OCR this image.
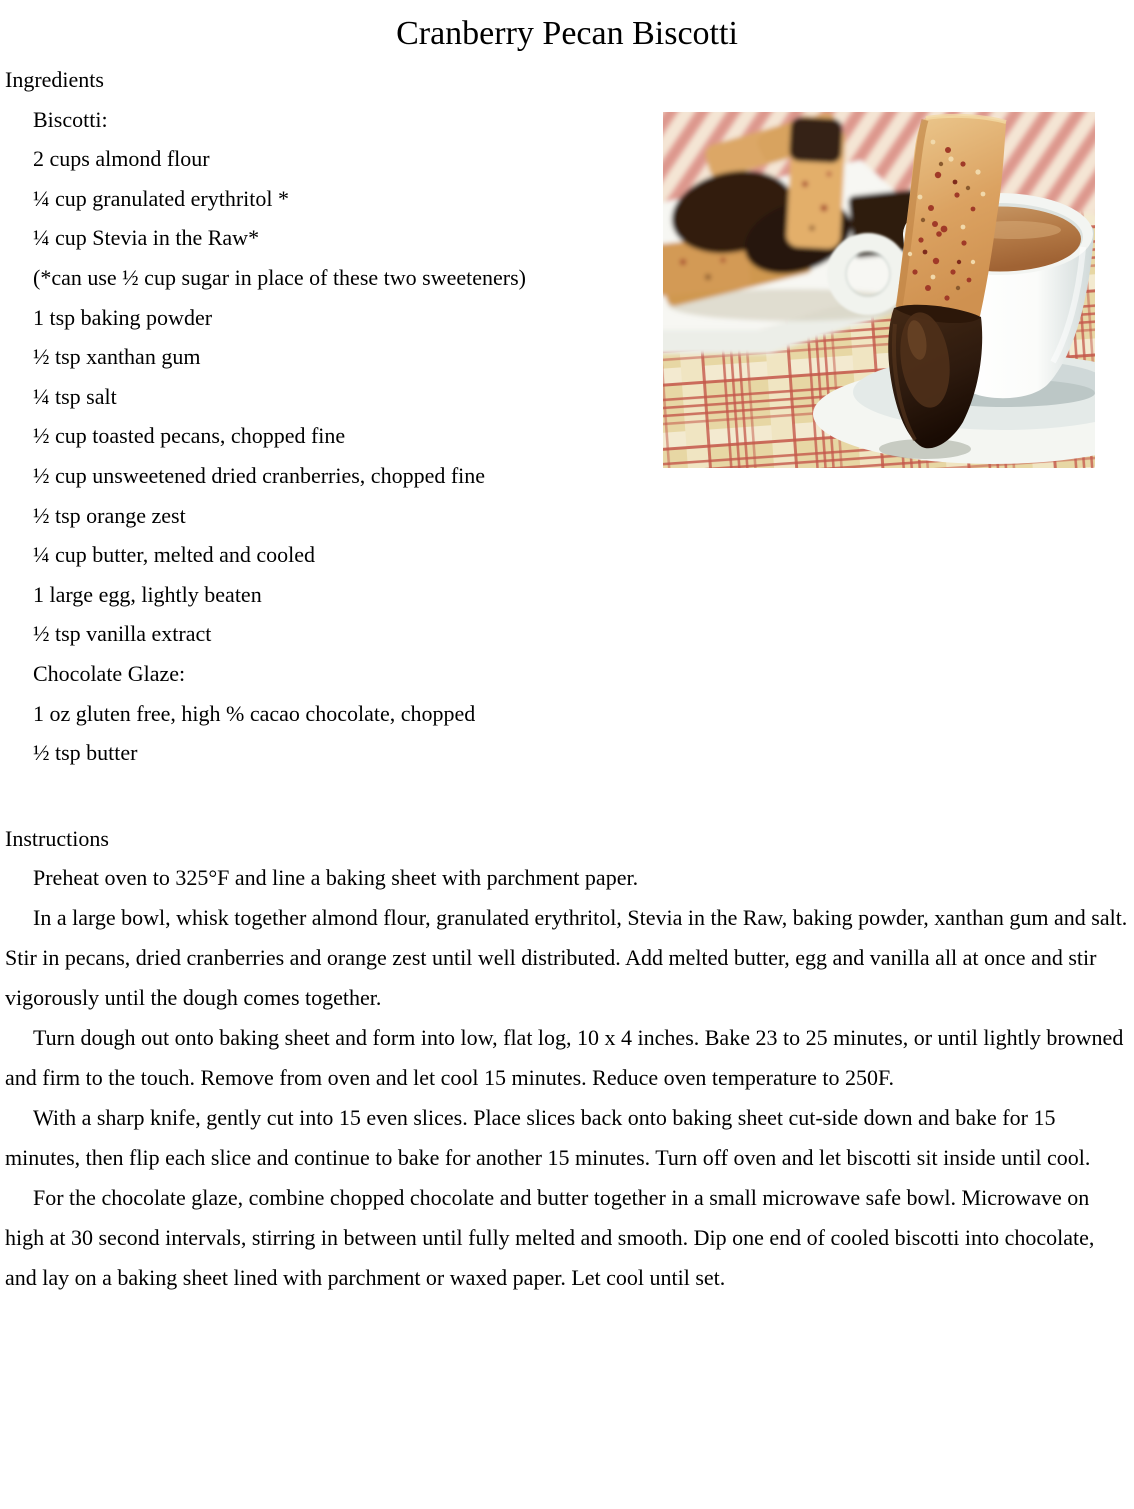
Cranberry Pecan Biscotti
Ingredients
Biscotti:
2 cups almond flour
¼ cup granulated erythritol *
¼ cup Stevia in the Raw*
(*can use ½ cup sugar in place of these two sweeteners)
1 tsp baking powder
½ tsp xanthan gum
¼ tsp salt
½ cup toasted pecans, chopped fine
½ cup unsweetened dried cranberries, chopped fine
½ tsp orange zest
¼ cup butter, melted and cooled
1 large egg, lightly beaten
½ tsp vanilla extract
Chocolate Glaze:
1 oz gluten free, high % cacao chocolate, chopped
½ tsp butter
Instructions

Preheat oven to 325°F and line a baking sheet with parchment paper.

In a large bowl, whisk together almond flour, granulated erythritol, Stevia in the Raw, baking powder, xanthan gum and salt. Stir in pecans, dried cranberries and orange zest until well distributed. Add melted butter, egg and vanilla all at once and stir vigorously until the dough comes together.

Turn dough out onto baking sheet and form into low, flat log, 10 x 4 inches. Bake 23 to 25 minutes, or until lightly browned and firm to the touch. Remove from oven and let cool 15 minutes. Reduce oven temperature to 250F.

With a sharp knife, gently cut into 15 even slices. Place slices back onto baking sheet cut-side down and bake for 15 minutes, then flip each slice and continue to bake for another 15 minutes. Turn off oven and let biscotti sit inside until cool.

For the chocolate glaze, combine chopped chocolate and butter together in a small microwave safe bowl. Microwave on high at 30 second intervals, stirring in between until fully melted and smooth. Dip one end of cooled biscotti into chocolate, and lay on a baking sheet lined with parchment or waxed paper. Let cool until set.
